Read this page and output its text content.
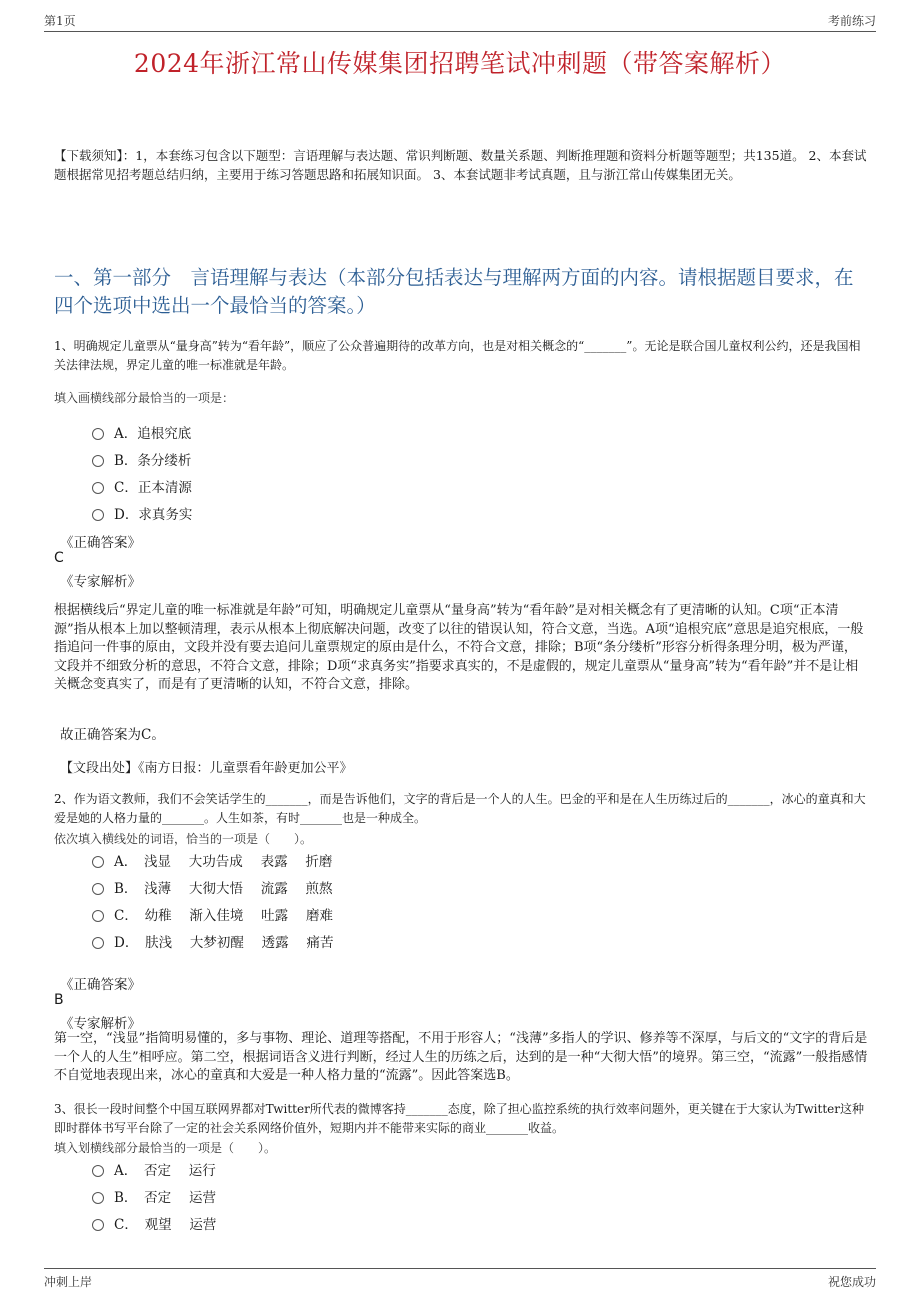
第1页	考前练习
2024年浙江常山传媒集团招聘笔试冲刺题（带答案解析）

【下载须知】：1，本套练习包含以下题型：言语理解与表达题、常识判断题、数量关系题、判断推理题和资料分析题等题型；共135道。 2、本套试题根据常见招考题总结归纳，主要用于练习答题思路和拓展知识面。 3、本套试题非考试真题，且与浙江常山传媒集团无关。

一、第一部分　言语理解与表达（本部分包括表达与理解两方面的内容。请根据题目要求，在四个选项中选出一个最恰当的答案。）

1、明确规定儿童票从“量身高”转为“看年龄”，顺应了公众普遍期待的改革方向，也是对相关概念的“_______”。无论是联合国儿童权利公约，还是我国相关法律法规，界定儿童的唯一标准就是年龄。

填入画横线部分最恰当的一项是：

A．追根究底
B．条分缕析
C．正本清源
D．求真务实
《正确答案》
C
《专家解析》

根据横线后“界定儿童的唯一标准就是年龄”可知，明确规定儿童票从“量身高”转为“看年龄”是对相关概念有了更清晰的认知。C项“正本清源”指从根本上加以整顿清理，表示从根本上彻底解决问题，改变了以往的错误认知，符合文意，当选。A项“追根究底”意思是追究根底，一般指追问一件事的原由，文段并没有要去追问儿童票规定的原由是什么，不符合文意，排除；B项“条分缕析”形容分析得条理分明，极为严谨，文段并不细致分析的意思，不符合文意，排除；D项“求真务实”指要求真实的，不是虚假的，规定儿童票从“量身高”转为“看年龄”并不是让相关概念变真实了，而是有了更清晰的认知，不符合文意，排除。

故正确答案为C。
【文段出处】《南方日报：儿童票看年龄更加公平》

2、作为语文教师，我们不会笑话学生的_______，而是告诉他们，文字的背后是一个人的人生。巴金的平和是在人生历练过后的_______，冰心的童真和大爱是她的人格力量的_______。人生如茶，有时_______也是一种成全。

依次填入横线处的词语，恰当的一项是（　　）。

A．　浅显　 大功告成　 表露　 折磨
B．　浅薄　 大彻大悟　 流露　 煎熬
C．　幼稚　 渐入佳境　 吐露　 磨难
D．　肤浅　 大梦初醒　 透露　 痛苦
《正确答案》
B
《专家解析》

第一空，“浅显”指简明易懂的，多与事物、理论、道理等搭配，不用于形容人；“浅薄”多指人的学识、修养等不深厚，与后文的“文字的背后是一个人的人生”相呼应。第二空，根据词语含义进行判断，经过人生的历练之后，达到的是一种“大彻大悟”的境界。第三空，“流露”一般指感情不自觉地表现出来，冰心的童真和大爱是一种人格力量的“流露”。因此答案选B。

3、很长一段时间整个中国互联网界都对Twitter所代表的微博客持_______态度，除了担心监控系统的执行效率问题外，更关键在于大家认为Twitter这种即时群体书写平台除了一定的社会关系网络价值外，短期内并不能带来实际的商业_______收益。

填入划横线部分最恰当的一项是（　　）。

A．　否定　 运行
B．　否定　 运营
C．　观望　 运营
冲刺上岸	祝您成功
